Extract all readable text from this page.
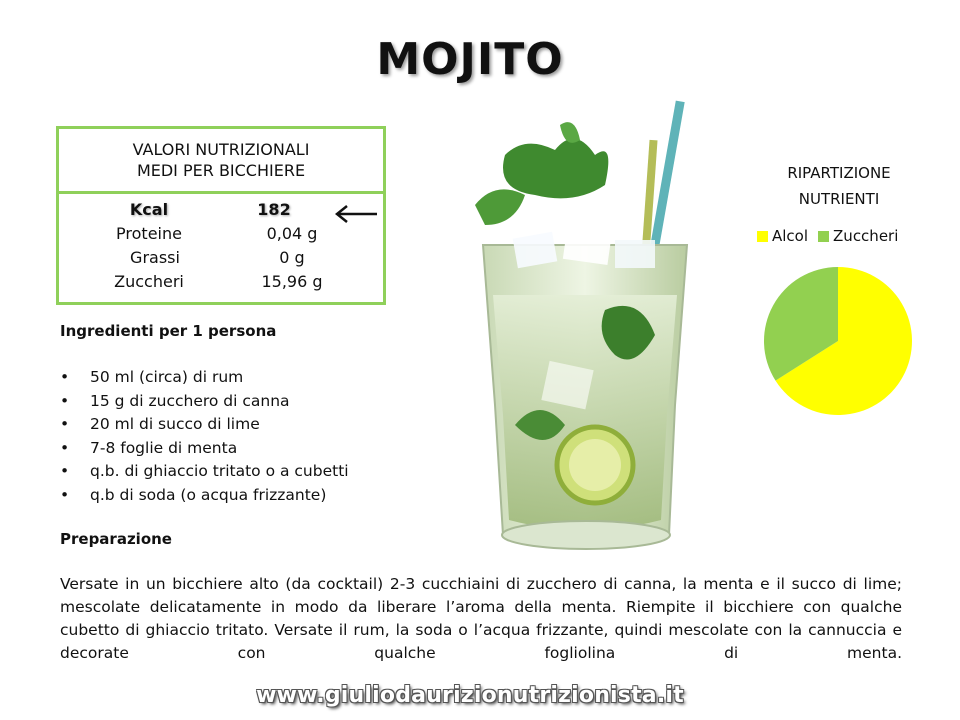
MOJITO
VALORI NUTRIZIONALI
MEDI PER BICCHIERE
Kcal	182
Proteine	0,04 g
Grassi	0 g
Zuccheri	15,96 g
Ingredienti per 1 persona
• 50 ml (circa) di rum
• 15 g di zucchero di canna
• 20 ml di succo di lime
• 7-8 foglie di menta
• q.b. di ghiaccio tritato o a cubetti
• q.b di soda (o acqua frizzante)
Preparazione
Versate in un bicchiere alto (da cocktail) 2-3 cucchiaini di zucchero di canna, la menta e il succo di lime; mescolate delicatamente in modo da liberare l’aroma della menta. Riempite il bicchiere con qualche cubetto di ghiaccio tritato. Versate il rum, la soda o l’acqua frizzante, quindi mescolate con la cannuccia e decorate con qualche fogliolina di menta.
RIPARTIZIONE
NUTRIENTI
Alcol Zuccheri
www.giuliodaurizionutrizionista.it
